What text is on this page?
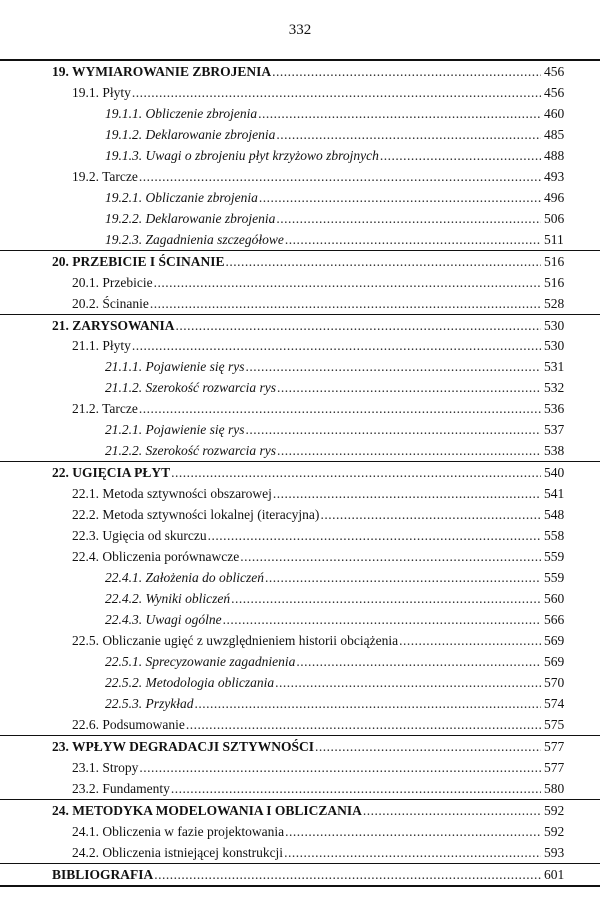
332
19. WYMIAROWANIE ZBROJENIA .....	456
19.1. Płyty .....	456
19.1.1. Obliczenie zbrojenia .....	460
19.1.2. Deklarowanie zbrojenia .....	485
19.1.3. Uwagi o zbrojeniu płyt krzyżowo zbrojnych .....	488
19.2. Tarcze .....	493
19.2.1. Obliczanie zbrojenia .....	496
19.2.2. Deklarowanie zbrojenia .....	506
19.2.3. Zagadnienia szczegółowe .....	511
20. PRZEBICIE I ŚCINANIE .....	516
20.1. Przebicie .....	516
20.2. Ścinanie .....	528
21. ZARYSOWANIA .....	530
21.1. Płyty .....	530
21.1.1. Pojawienie się rys .....	531
21.1.2. Szerokość rozwarcia rys .....	532
21.2. Tarcze .....	536
21.2.1. Pojawienie się rys .....	537
21.2.2. Szerokość rozwarcia rys .....	538
22. UGIĘCIA PŁYT .....	540
22.1. Metoda sztywności obszarowej .....	541
22.2. Metoda sztywności lokalnej (iteracyjna) .....	548
22.3. Ugięcia od skurczu .....	558
22.4. Obliczenia porównawcze .....	559
22.4.1. Założenia do obliczeń .....	559
22.4.2. Wyniki obliczeń .....	560
22.4.3. Uwagi ogólne .....	566
22.5. Obliczanie ugięć z uwzględnieniem historii obciążenia .....	569
22.5.1. Sprecyzowanie zagadnienia .....	569
22.5.2. Metodologia obliczania .....	570
22.5.3. Przykład .....	574
22.6. Podsumowanie .....	575
23. WPŁYW DEGRADACJI SZTYWNOŚCI .....	577
23.1. Stropy .....	577
23.2. Fundamenty .....	580
24. METODYKA MODELOWANIA I OBLICZANIA .....	592
24.1. Obliczenia w fazie projektowania .....	592
24.2. Obliczenia istniejącej konstrukcji .....	593
BIBLIOGRAFIA .....	601
